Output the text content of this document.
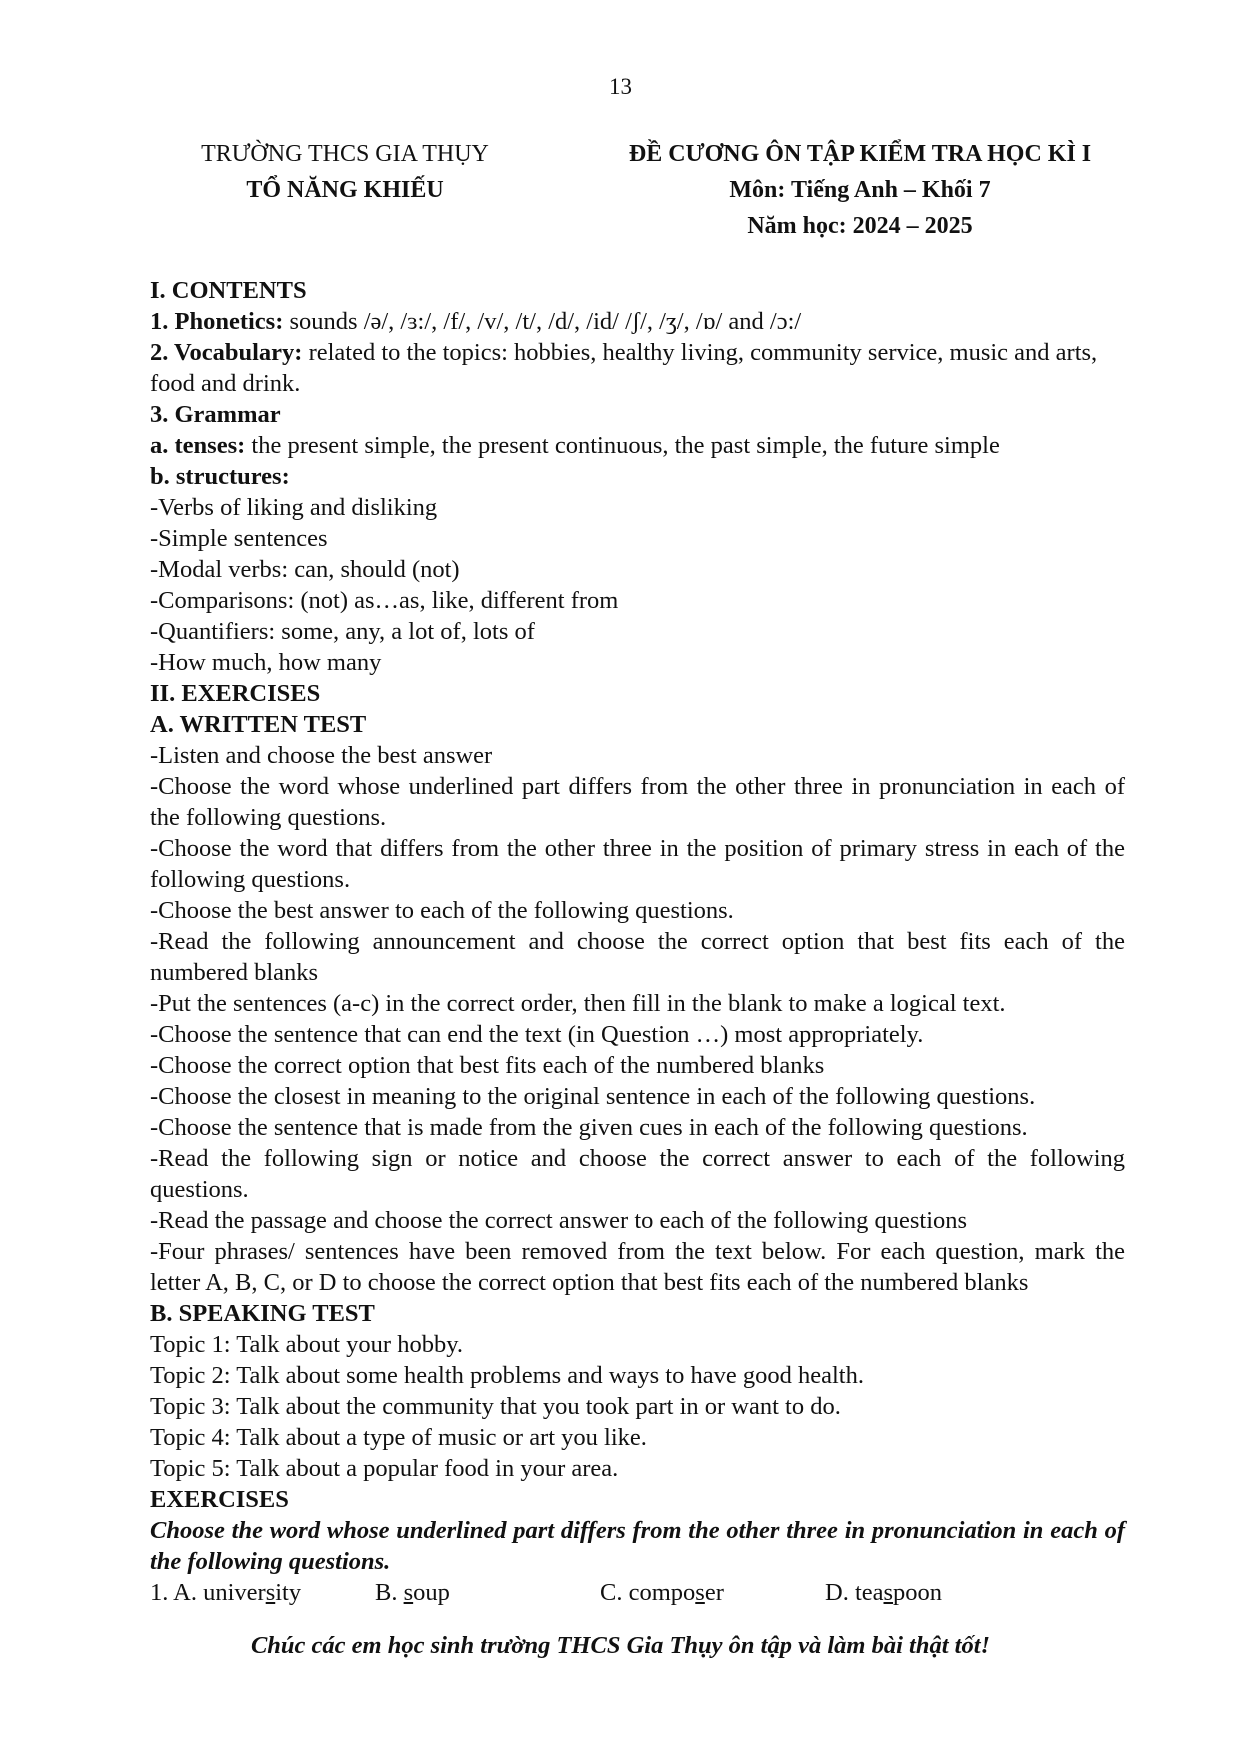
13
TRƯỜNG THCS GIA THỤY
TỔ NĂNG KHIẾU
ĐỀ CƯƠNG ÔN TẬP KIỂM TRA HỌC KÌ I
Môn: Tiếng Anh – Khối 7
Năm học: 2024 – 2025
I. CONTENTS
1. Phonetics: sounds /ə/, /ɜ:/, /f/, /v/, /t/, /d/, /id/ /ʃ/, /ʒ/, /ɒ/ and /ɔ:/
2. Vocabulary: related to the topics: hobbies, healthy living, community service, music and arts, food and drink.
3. Grammar
a. tenses: the present simple, the present continuous, the past simple, the future simple
b. structures:
-Verbs of liking and disliking
-Simple sentences
-Modal verbs: can, should (not)
-Comparisons: (not) as…as, like, different from
-Quantifiers: some, any, a lot of, lots of
-How much, how many
II. EXERCISES
A. WRITTEN TEST
-Listen and choose the best answer
-Choose the word whose underlined part differs from the other three in pronunciation in each of the following questions.
-Choose the word that differs from the other three in the position of primary stress in each of the following questions.
-Choose the best answer to each of the following questions.
-Read the following announcement and choose the correct option that best fits each of the numbered blanks
-Put the sentences (a-c) in the correct order, then fill in the blank to make a logical text.
-Choose the sentence that can end the text (in Question …) most appropriately.
-Choose the correct option that best fits each of the numbered blanks
-Choose the closest in meaning to the original sentence in each of the following questions.
-Choose the sentence that is made from the given cues in each of the following questions.
-Read the following sign or notice and choose the correct answer to each of the following questions.
-Read the passage and choose the correct answer to each of the following questions
-Four phrases/ sentences have been removed from the text below. For each question, mark the letter A, B, C, or D to choose the correct option that best fits each of the numbered blanks
B. SPEAKING TEST
Topic 1: Talk about your hobby.
Topic 2: Talk about some health problems and ways to have good health.
Topic 3: Talk about the community that you took part in or want to do.
Topic 4: Talk about a type of music or art you like.
Topic 5: Talk about a popular food in your area.
EXERCISES
Choose the word whose underlined part differs from the other three in pronunciation in each of the following questions.
1. A. university	B. soup	C. composer	D. teaspoon
Chúc các em học sinh trường THCS Gia Thụy ôn tập và làm bài thật tốt!
